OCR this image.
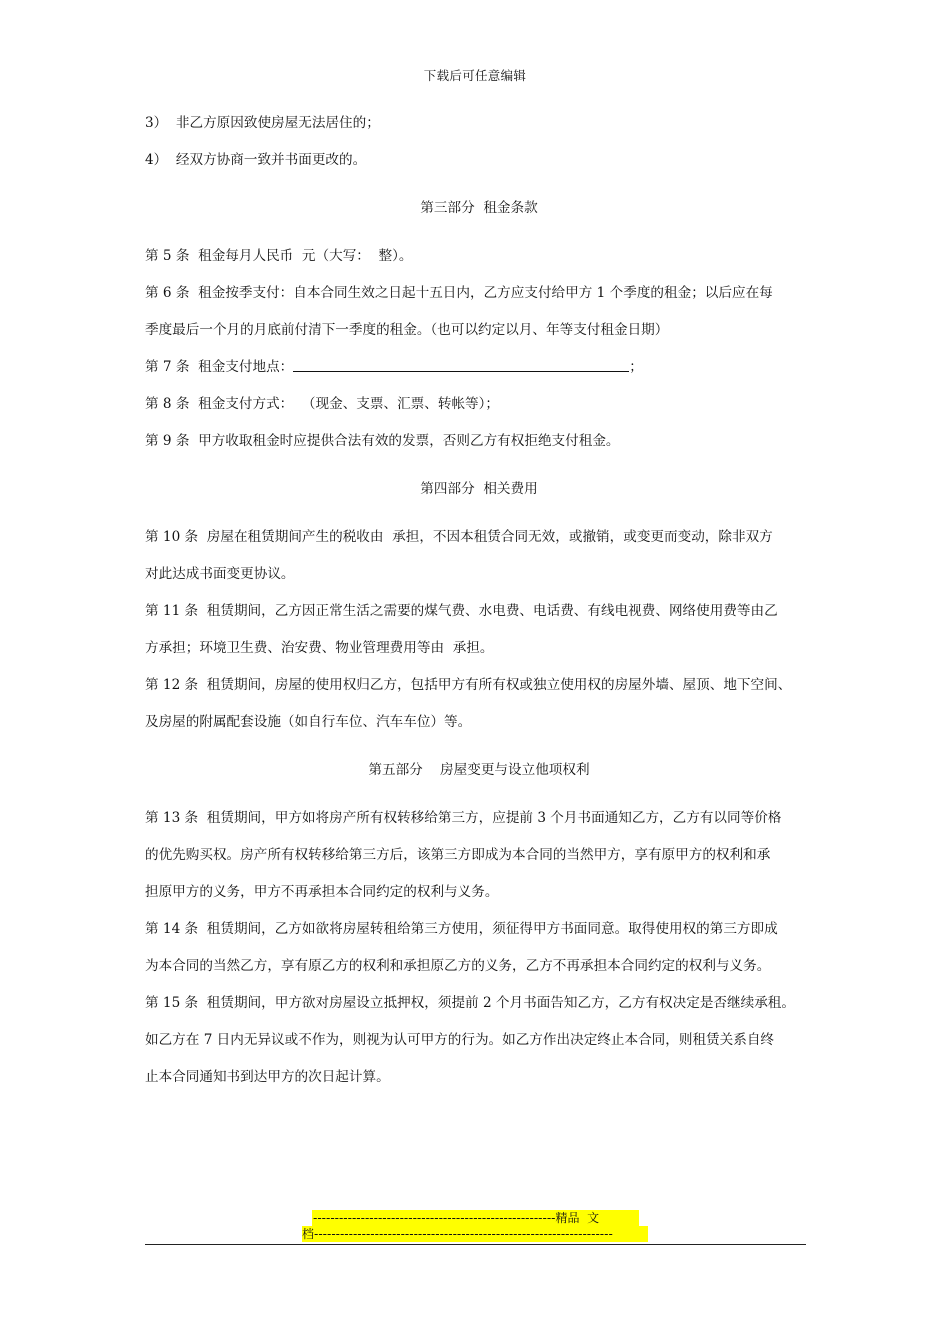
下载后可任意编辑

3）  非乙方原因致使房屋无法居住的；

4）  经双方协商一致并书面更改的。

第三部分  租金条款

第 5 条  租金每月人民币  元（大写：  整）。

第 6 条  租金按季支付：自本合同生效之日起十五日内，乙方应支付给甲方 1 个季度的租金；以后应在每

季度最后一个月的月底前付清下一季度的租金。（也可以约定以月、年等支付租金日期）

第 7 条  租金支付地点：	；

第 8 条  租金支付方式：  （现金、支票、汇票、转帐等）；

第 9 条  甲方收取租金时应提供合法有效的发票，否则乙方有权拒绝支付租金。

第四部分  相关费用

第 10 条  房屋在租赁期间产生的税收由  承担，不因本租赁合同无效，或撤销，或变更而变动，除非双方

对此达成书面变更协议。

第 11 条  租赁期间，乙方因正常生活之需要的煤气费、水电费、电话费、有线电视费、网络使用费等由乙

方承担；环境卫生费、治安费、物业管理费用等由  承担。

第 12 条  租赁期间，房屋的使用权归乙方，包括甲方有所有权或独立使用权的房屋外墙、屋顶、地下空间、

及房屋的附属配套设施（如自行车位、汽车车位）等。

第五部分    房屋变更与设立他项权利

第 13 条  租赁期间，甲方如将房产所有权转移给第三方，应提前 3 个月书面通知乙方，乙方有以同等价格

的优先购买权。房产所有权转移给第三方后，该第三方即成为本合同的当然甲方，享有原甲方的权利和承

担原甲方的义务，甲方不再承担本合同约定的权利与义务。

第 14 条  租赁期间，乙方如欲将房屋转租给第三方使用，须征得甲方书面同意。取得使用权的第三方即成

为本合同的当然乙方，享有原乙方的权利和承担原乙方的义务，乙方不再承担本合同约定的权利与义务。

第 15 条  租赁期间，甲方欲对房屋设立抵押权，须提前 2 个月书面告知乙方，乙方有权决定是否继续承租。

如乙方在 7 日内无异议或不作为，则视为认可甲方的行为。如乙方作出决定终止本合同，则租赁关系自终

止本合同通知书到达甲方的次日起计算。

--------------------------------------------------------精品  文
档---------------------------------------------------------------------
